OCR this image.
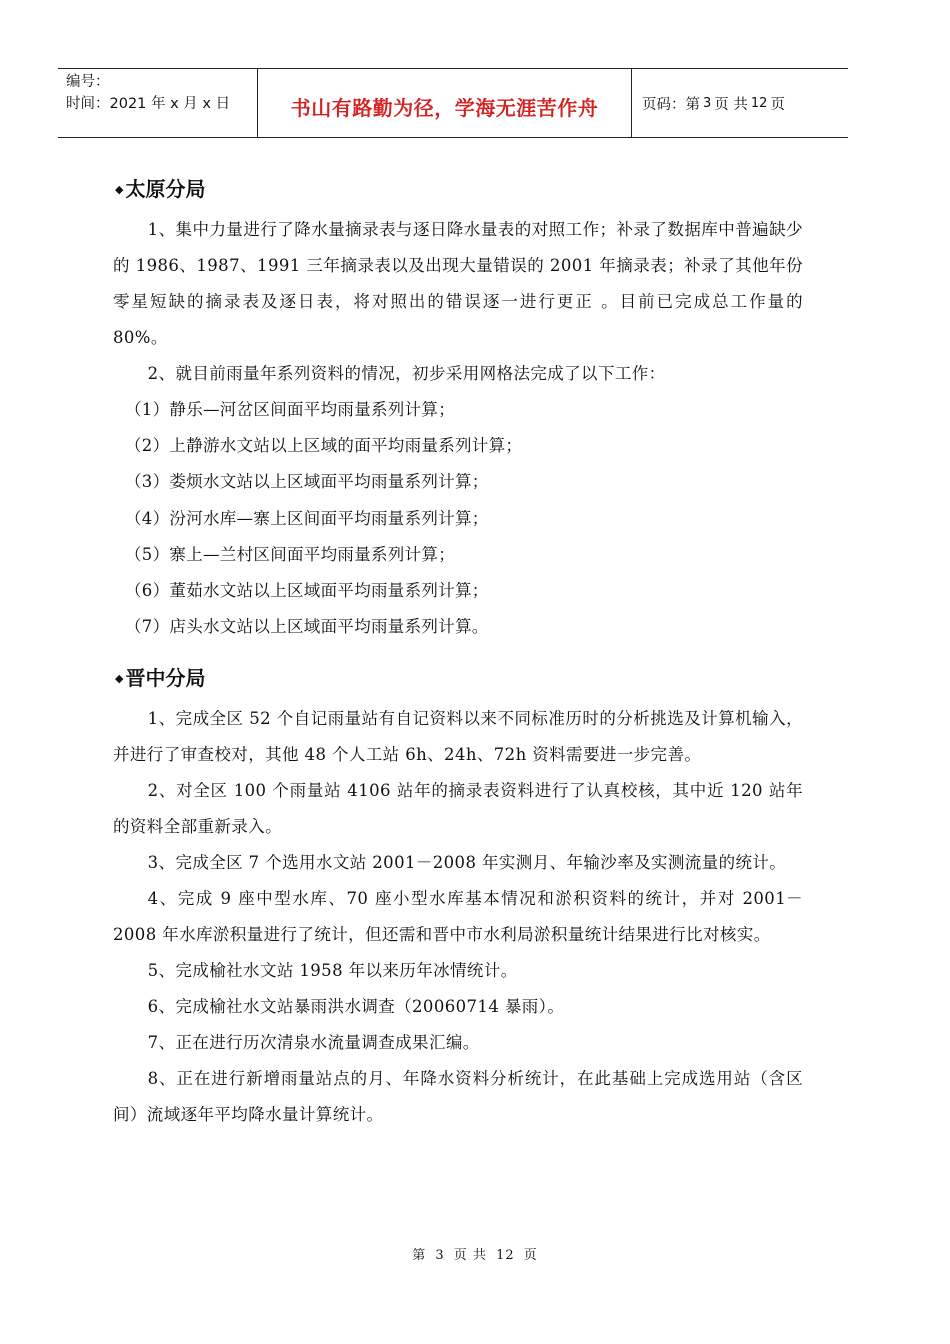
编号：
时间：2021 年 x 月 x 日	书山有路勤为径，学海无涯苦作舟	页码：第 3 页 共 12 页
◆ 太原分局

1、集中力量进行了降水量摘录表与逐日降水量表的对照工作；补录了数据库中普遍缺少的 1986、1987、1991 三年摘录表以及出现大量错误的 2001 年摘录表；补录了其他年份零星短缺的摘录表及逐日表，将对照出的错误逐一进行更正 。目前已完成总工作量的 80%。

2、就目前雨量年系列资料的情况，初步采用网格法完成了以下工作：

（1）静乐—河岔区间面平均雨量系列计算；

（2）上静游水文站以上区域的面平均雨量系列计算；

（3）娄烦水文站以上区域面平均雨量系列计算；

（4）汾河水库—寨上区间面平均雨量系列计算；

（5）寨上—兰村区间面平均雨量系列计算；

（6）董茹水文站以上区域面平均雨量系列计算；

（7）店头水文站以上区域面平均雨量系列计算。

◆ 晋中分局

1、完成全区 52 个自记雨量站有自记资料以来不同标准历时的分析挑选及计算机输入，并进行了审查校对，其他 48 个人工站 6h、24h、72h 资料需要进一步完善。

2、对全区 100 个雨量站 4106 站年的摘录表资料进行了认真校核，其中近 120 站年的资料全部重新录入。

3、完成全区 7 个选用水文站 2001－2008 年实测月、年输沙率及实测流量的统计。

4、完成 9 座中型水库、70 座小型水库基本情况和淤积资料的统计，并对 2001－2008 年水库淤积量进行了统计，但还需和晋中市水利局淤积量统计结果进行比对核实。

5、完成榆社水文站 1958 年以来历年冰情统计。

6、完成榆社水文站暴雨洪水调查（20060714 暴雨）。

7、正在进行历次清泉水流量调查成果汇编。

8、正在进行新增雨量站点的月、年降水资料分析统计，在此基础上完成选用站（含区间）流域逐年平均降水量计算统计。

第 3 页 共 12 页
